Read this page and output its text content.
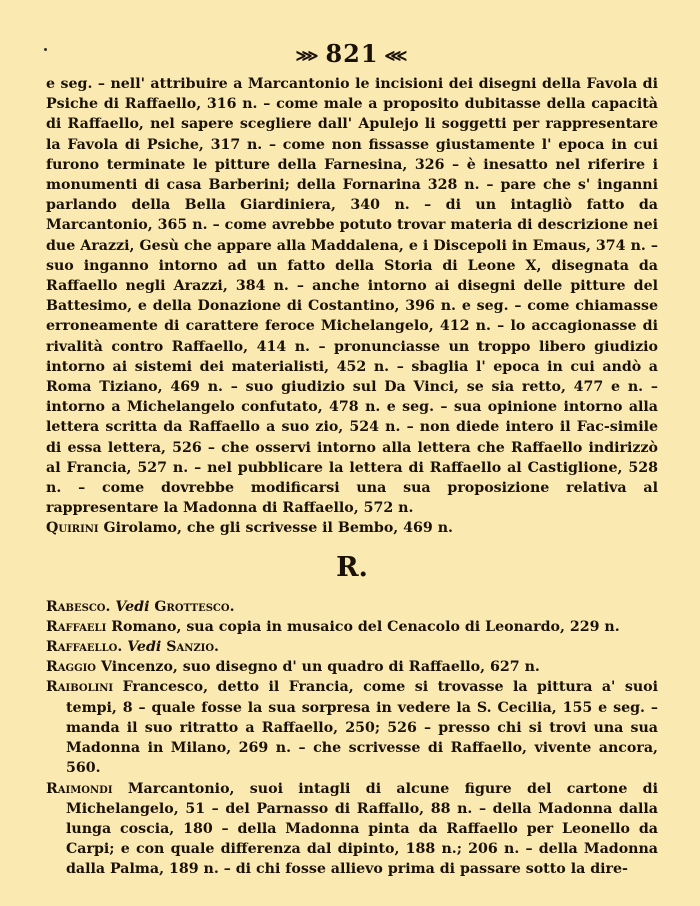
⋙ 821 ⋘

e seg. – nell' attribuire a Marcantonio le incisioni dei disegni della Favola di Psiche di Raffaello, 316 n. – come male a proposito dubitasse della capacità di Raffaello, nel sapere scegliere dall' Apulejo li soggetti per rappresentare la Favola di Psiche, 317 n. – come non fissasse giustamente l' epoca in cui furono terminate le pitture della Farnesina, 326 – è inesatto nel riferire i monumenti di casa Barberini; della Fornarina 328 n. – pare che s' inganni parlando della Bella Giardiniera, 340 n. – di un intagliò fatto da Marcantonio, 365 n. – come avrebbe potuto trovar materia di descrizione nei due Arazzi, Gesù che appare alla Maddalena, e i Discepoli in Emaus, 374 n. – suo inganno intorno ad un fatto della Storia di Leone X, disegnata da Raffaello negli Arazzi, 384 n. – anche intorno ai disegni delle pitture del Battesimo, e della Donazione di Costantino, 396 n. e seg. – come chiamasse erroneamente di carattere feroce Michelangelo, 412 n. – lo accagionasse di rivalità contro Raffaello, 414 n. – pronunciasse un troppo libero giudizio intorno ai sistemi dei materialisti, 452 n. – sbaglia l' epoca in cui andò a Roma Tiziano, 469 n. – suo giudizio sul Da Vinci, se sia retto, 477 e n. – intorno a Michelangelo confutato, 478 n. e seg. – sua opinione intorno alla lettera scritta da Raffaello a suo zio, 524 n. – non diede intero il Fac-simile di essa lettera, 526 – che osservi intorno alla lettera che Raffaello indirizzò al Francia, 527 n. – nel pubblicare la lettera di Raffaello al Castiglione, 528 n. – come dovrebbe modificarsi una sua proposizione relativa al rappresentare la Madonna di Raffaello, 572 n.

Quirini Girolamo, che gli scrivesse il Bembo, 469 n.

R.

Rabesco. Vedi Grottesco.

Raffaeli Romano, sua copia in musaico del Cenacolo di Leonardo, 229 n.

Raffaello. Vedi Sanzio.

Raggio Vincenzo, suo disegno d' un quadro di Raffaello, 627 n.

Raibolini Francesco, detto il Francia, come si trovasse la pittura a' suoi tempi, 8 – quale fosse la sua sorpresa in vedere la S. Cecilia, 155 e seg. – manda il suo ritratto a Raffaello, 250; 526 – presso chi si trovi una sua Madonna in Milano, 269 n. – che scrivesse di Raffaello, vivente ancora, 560.

Raimondi Marcantonio, suoi intagli di alcune figure del cartone di Michelangelo, 51 – del Parnasso di Raffallo, 88 n. – della Madonna dalla lunga coscia, 180 – della Madonna pinta da Raffaello per Leonello da Carpi; e con quale differenza dal dipinto, 188 n.; 206 n. – della Madonna dalla Palma, 189 n. – di chi fosse allievo prima di passare sotto la dire-
